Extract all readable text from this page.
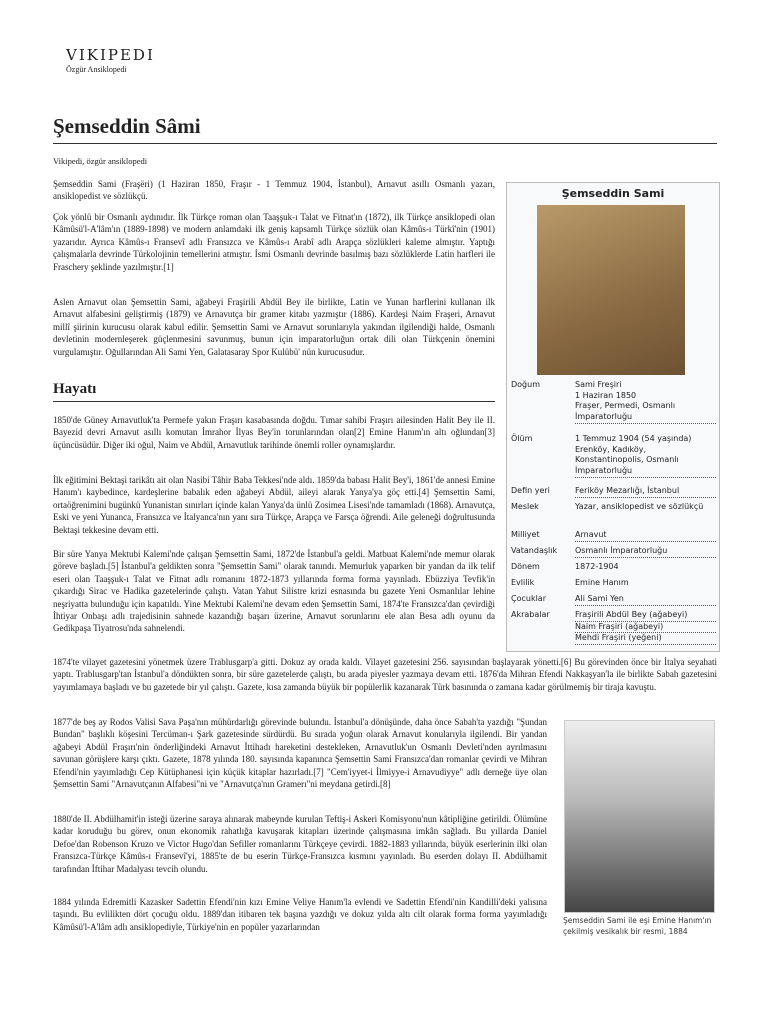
VIKIPEDI
Özgür Ansiklopedi
Şemseddin Sâmi
Vikipedi, özgür ansiklopedi

Şemseddin Sami (Fraşëri) (1 Haziran 1850, Fraşır - 1 Temmuz 1904, İstanbul), Arnavut asıllı Osmanlı yazarı, ansiklopedist ve sözlükçü.

Çok yönlü bir Osmanlı aydınıdır. İlk Türkçe roman olan Taaşşuk-ı Talat ve Fitnat'ın (1872), ilk Türkçe ansiklopedi olan Kâmûsü'l-A'lâm'ın (1889-1898) ve modern anlamdaki ilk geniş kapsamlı Türkçe sözlük olan Kâmûs-ı Türkî'nin (1901) yazarıdır. Ayrıca Kâmûs-ı Fransevî adlı Fransızca ve Kâmûs-ı Arabî adlı Arapça sözlükleri kaleme almıştır. Yaptığı çalışmalarla devrinde Türkolojinin temellerini atmıştır. İsmi Osmanlı devrinde basılmış bazı sözlüklerde Latin harfleri ile Fraschery şeklinde yazılmıştır.[1]

Aslen Arnavut olan Şemsettin Sami, ağabeyi Fraşirili Abdül Bey ile birlikte, Latin ve Yunan harflerini kullanan ilk Arnavut alfabesini geliştirmiş (1879) ve Arnavutça bir gramer kitabı yazmıştır (1886). Kardeşi Naim Fraşeri, Arnavut millî şiirinin kurucusu olarak kabul edilir. Şemsettin Sami ve Arnavut sorunlarıyla yakından ilgilendiği halde, Osmanlı devletinin modernleşerek güçlenmesini savunmuş, bunun için imparatorluğun ortak dili olan Türkçenin önemini vurgulamıştır. Oğullarından Ali Sami Yen, Galatasaray Spor Kulübü' nün kurucusudur.

Hayatı

1850'de Güney Arnavutluk'ta Permefe yakın Fraşırı kasabasında doğdu. Tımar sahibi Fraşırı ailesinden Halit Bey ile II. Bayezid devri Arnavut asıllı komutan İmrahor İlyas Bey'in torunlarından olan[2] Emine Hanım'ın altı oğlundan[3] üçüncüsüdür. Diğer iki oğul, Naim ve Abdül, Arnavutluk tarihinde önemli roller oynamışlardır.

İlk eğitimini Bektaşi tarikâtı ait olan Nasibi Tâhir Baba Tekkesi'nde aldı. 1859'da babası Halit Bey'i, 1861'de annesi Emine Hanım'ı kaybedince, kardeşlerine babalık eden ağabeyi Abdül, aileyi alarak Yanya'ya göç etti.[4] Şemsettin Sami, ortaöğrenimini bugünkü Yunanistan sınırları içinde kalan Yanya'da ünlü Zosimea Lisesi'nde tamamladı (1868). Arnavutça, Eski ve yeni Yunanca, Fransızca ve İtalyanca'nın yanı sıra Türkçe, Arapça ve Farsça öğrendi. Aile geleneği doğrultusunda Bektaşi tekkesine devam etti.

Bir süre Yanya Mektubi Kalemi'nde çalışan Şemsettin Sami, 1872'de İstanbul'a geldi. Matbuat Kalemi'nde memur olarak göreve başladı.[5] İstanbul'a geldikten sonra "Şemsettin Sami" olarak tanındı. Memurluk yaparken bir yandan da ilk telif eseri olan Taaşşuk-ı Talat ve Fitnat adlı romanını 1872-1873 yıllarında forma forma yayınladı. Ebüzziya Tevfik'in çıkardığı Sirac ve Hadika gazetelerinde çalıştı. Vatan Yahut Silistre krizi esnasında bu gazete Yeni Osmanlılar lehine neşriyatta bulunduğu için kapatıldı. Yine Mektubi Kalemi'ne devam eden Şemsettin Sami, 1874'te Fransızca'dan çevirdiği İhtiyar Onbaşı adlı trajedisinin sahnede kazandığı başarı üzerine, Arnavut sorunlarını ele alan Besa adlı oyunu da Gedikpaşa Tiyatrosu'nda sahnelendi.

1874'te vilayet gazetesini yönetmek üzere Trablusgarp'a gitti. Dokuz ay orada kaldı. Vilayet gazetesini 256. sayısından başlayarak yönetti.[6] Bu görevinden önce bir İtalya seyahati yaptı. Trablusgarp'tan İstanbul'a döndükten sonra, bir süre gazetelerde çalıştı, bu arada piyesler yazmaya devam etti. 1876'da Mihran Efendi Nakkaşyan'la ile birlikte Sabah gazetesini yayımlamaya başladı ve bu gazetede bir yıl çalıştı. Gazete, kısa zamanda büyük bir popülerlik kazanarak Türk basınında o zamana kadar görülmemiş bir tiraja kavuştu.

1877'de beş ay Rodos Valisi Sava Paşa'nın mühürdarlığı görevinde bulundu. İstanbul'a dönüşünde, daha önce Sabah'ta yazdığı "Şundan Bundan" başlıklı köşesini Tercüman-ı Şark gazetesinde sürdürdü. Bu sırada yoğun olarak Arnavut konularıyla ilgilendi. Bir yandan ağabeyi Abdül Fraşırı'nin önderliğindeki Arnavut İttihadı hareketini destekleken, Arnavutluk'un Osmanlı Devleti'nden ayrılmasını savunan görüşlere karşı çıktı. Gazete, 1878 yılında 180. sayısında kapanınca Şemsettin Sami Fransızca'dan romanlar çevirdi ve Mihran Efendi'nin yayımladığı Cep Kütüphanesi için küçük kitaplar hazırladı.[7] "Cem'iyyet-i İlmiyye-i Arnavudiyye" adlı derneğe üye olan Şemsettin Sami "Arnavutçanın Alfabesi"ni ve "Arnavutça'nın Gramerı"ni meydana getirdi.[8]

1880'de II. Abdülhamit'in isteği üzerine saraya alınarak mabeynde kurulan Teftiş-i Askeri Komisyonu'nun kâtipliğine getirildi. Ölümüne kadar koruduğu bu görev, onun ekonomik rahatlığa kavuşarak kitapları üzerinde çalışmasına imkân sağladı. Bu yıllarda Daniel Defoe'dan Robenson Kruzo ve Victor Hugo'dan Sefiller romanlarını Türkçeye çevirdi. 1882-1883 yıllarında, büyük eserlerinin ilki olan Fransızca-Türkçe Kâmûs-ı Fransevî'yi, 1885'te de bu eserin Türkçe-Fransızca kısmını yayınladı. Bu eserden dolayı II. Abdülhamit tarafından İftihar Madalyası tevcih olundu.

1884 yılında Edremitli Kazasker Sadettin Efendi'nin kızı Emine Veliye Hanım'la evlendi ve Sadettin Efendi'nin Kandilli'deki yalısına taşındı. Bu evlilikten dört çocuğu oldu. 1889'dan itibaren tek başına yazdığı ve dokuz yılda altı cilt olarak forma forma yayımladığı Kâmûsü'l-A'lâm adlı ansiklopediyle, Türkiye'nin en popüler yazarlarından

Şemseddin Sami
Doğum	Sami Freşiri
1 Haziran 1850
Fraşer, Permedi, Osmanlı İmparatorluğu
Ölüm	1 Temmuz 1904 (54 yaşında)
Erenköy, Kadıköy, Konstantinopolis, Osmanlı İmparatorluğu
Defin yeri	Feriköy Mezarlığı, İstanbul
Meslek	Yazar, ansiklopedist ve sözlükçü
Milliyet	Arnavut
Vatandaşlık	Osmanlı İmparatorluğu
Dönem	1872-1904
Evlilik	Emine Hanım
Çocuklar	Ali Sami Yen
Akrabalar	Fraşirili Abdül Bey (ağabeyi)
Naim Fraşiri (ağabeyi)
Mehdi Fraşiri (yeğeni)
Şemseddin Sami ile eşi Emine Hanım'ın çekilmiş vesikalık bir resmi, 1884
